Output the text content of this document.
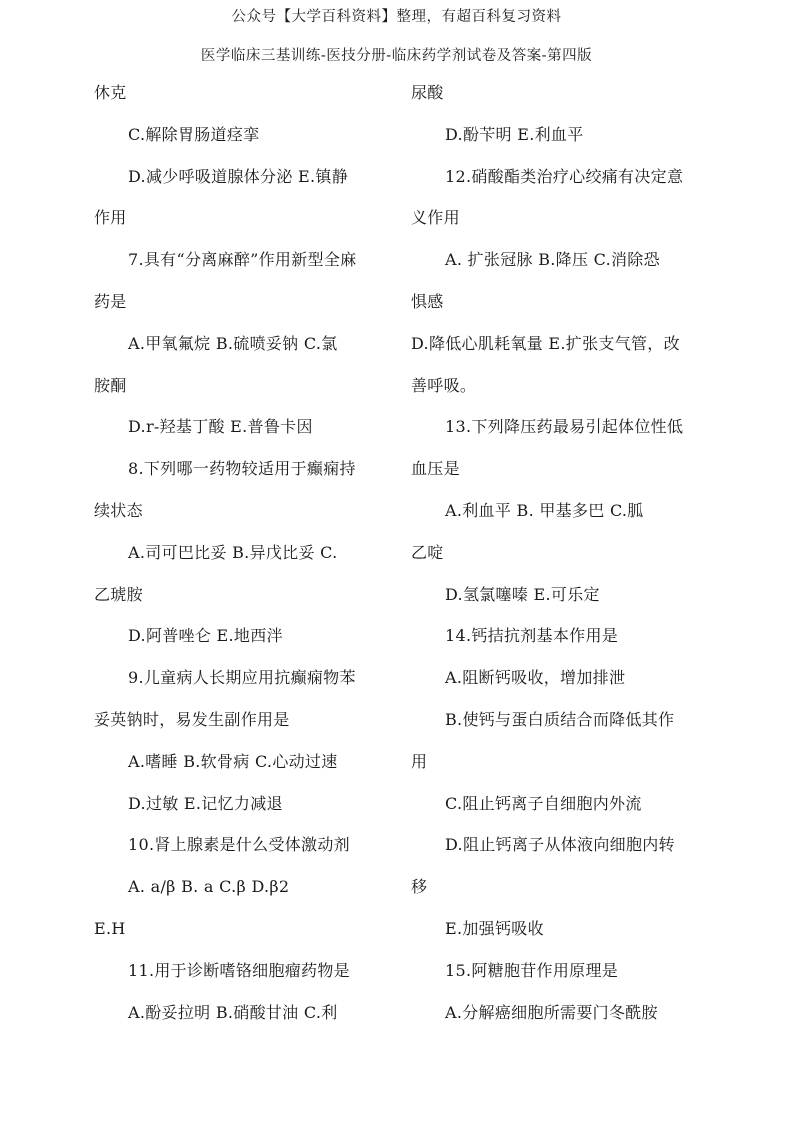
公众号【大学百科资料】整理，有超百科复习资料
医学临床三基训练-医技分册-临床药学剂试卷及答案-第四版
休克
C.解除胃肠道痉挛
D.减少呼吸道腺体分泌 E.镇静
作用
7.具有“分离麻醉”作用新型全麻
药是
A.甲氧氟烷 B.硫喷妥钠 C.氯
胺酮
D.r-羟基丁酸 E.普鲁卡因
8.下列哪一药物较适用于癫痫持
续状态
A.司可巴比妥 B.异戊比妥 C.
乙琥胺
D.阿普唑仑 E.地西泮
9.儿童病人长期应用抗癫痫物苯
妥英钠时，易发生副作用是
A.嗜睡 B.软骨病 C.心动过速
D.过敏 E.记忆力减退
10.肾上腺素是什么受体激动剂
A. a/β B. a C.β D.β2
E.H
11.用于诊断嗜铬细胞瘤药物是
A.酚妥拉明 B.硝酸甘油 C.利
尿酸
D.酚苄明 E.利血平
12.硝酸酯类治疗心绞痛有决定意
义作用
A. 扩张冠脉 B.降压 C.消除恐
惧感
D.降低心肌耗氧量 E.扩张支气管，改
善呼吸。
13.下列降压药最易引起体位性低
血压是
A.利血平 B. 甲基多巴 C.胍
乙啶
D.氢氯噻嗪 E.可乐定
14.钙拮抗剂基本作用是
A.阻断钙吸收，增加排泄
B.使钙与蛋白质结合而降低其作
用
C.阻止钙离子自细胞内外流
D.阻止钙离子从体液向细胞内转
移
E.加强钙吸收
15.阿糖胞苷作用原理是
A.分解癌细胞所需要门冬酰胺
